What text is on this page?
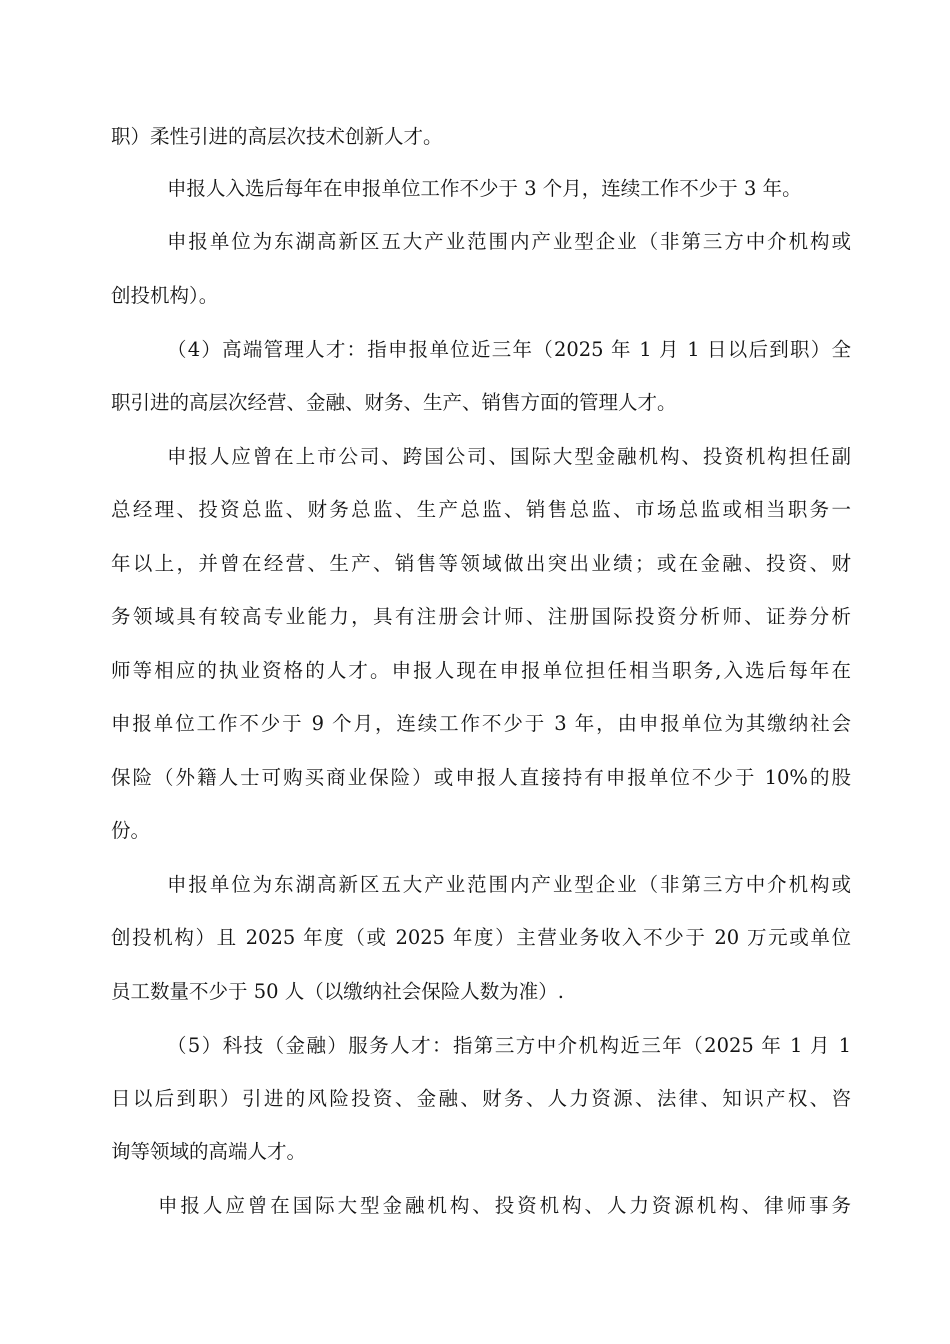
职）柔性引进的高层次技术创新人才。
申报人入选后每年在申报单位工作不少于 3 个月，连续工作不少于 3 年。
申报单位为东湖高新区五大产业范围内产业型企业（非第三方中介机构或
创投机构）。
（4）高端管理人才：指申报单位近三年（2025 年 1 月 1 日以后到职）全
职引进的高层次经营、金融、财务、生产、销售方面的管理人才。
申报人应曾在上市公司、跨国公司、国际大型金融机构、投资机构担任副
总经理、投资总监、财务总监、生产总监、销售总监、市场总监或相当职务一
年以上，并曾在经营、生产、销售等领域做出突出业绩；或在金融、投资、财
务领域具有较高专业能力，具有注册会计师、注册国际投资分析师、证券分析
师等相应的执业资格的人才。申报人现在申报单位担任相当职务,入选后每年在
申报单位工作不少于 9 个月，连续工作不少于 3 年，由申报单位为其缴纳社会
保险（外籍人士可购买商业保险）或申报人直接持有申报单位不少于 10%的股
份。
申报单位为东湖高新区五大产业范围内产业型企业（非第三方中介机构或
创投机构）且 2025 年度（或 2025 年度）主营业务收入不少于 20 万元或单位
员工数量不少于 50 人（以缴纳社会保险人数为准）.
（5）科技（金融）服务人才：指第三方中介机构近三年（2025 年 1 月 1
日以后到职）引进的风险投资、金融、财务、人力资源、法律、知识产权、咨
询等领域的高端人才。
申报人应曾在国际大型金融机构、投资机构、人力资源机构、律师事务
